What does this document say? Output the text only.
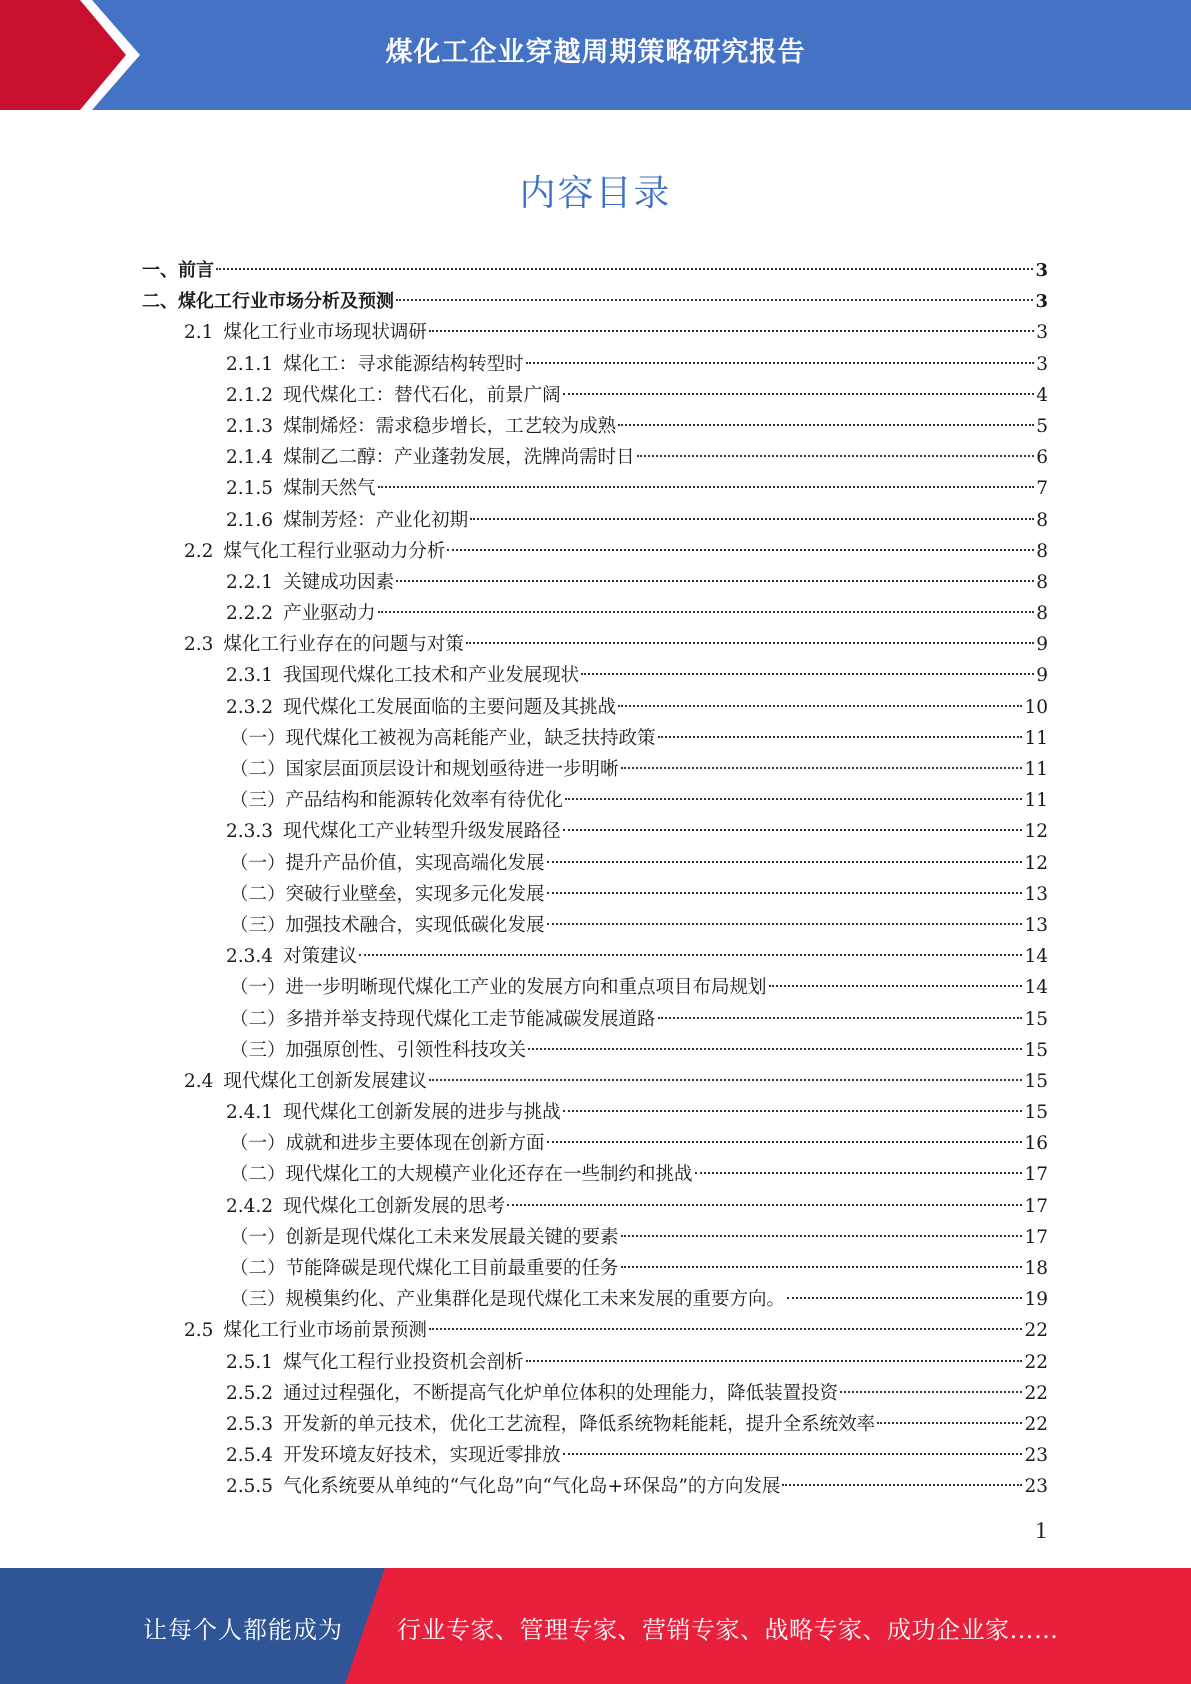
煤化工企业穿越周期策略研究报告
内容目录
一、前言	3
二、煤化工行业市场分析及预测	3
2.1 煤化工行业市场现状调研	3
2.1.1 煤化工：寻求能源结构转型时	3
2.1.2 现代煤化工：替代石化，前景广阔	4
2.1.3 煤制烯烃：需求稳步增长，工艺较为成熟	5
2.1.4 煤制乙二醇：产业蓬勃发展，洗牌尚需时日	6
2.1.5 煤制天然气	7
2.1.6 煤制芳烃：产业化初期	8
2.2 煤气化工程行业驱动力分析	8
2.2.1 关键成功因素	8
2.2.2 产业驱动力	8
2.3 煤化工行业存在的问题与对策	9
2.3.1 我国现代煤化工技术和产业发展现状	9
2.3.2 现代煤化工发展面临的主要问题及其挑战	10
（一）现代煤化工被视为高耗能产业，缺乏扶持政策	11
（二）国家层面顶层设计和规划亟待进一步明晰	11
（三）产品结构和能源转化效率有待优化	11
2.3.3 现代煤化工产业转型升级发展路径	12
（一）提升产品价值，实现高端化发展	12
（二）突破行业壁垒，实现多元化发展	13
（三）加强技术融合，实现低碳化发展	13
2.3.4 对策建议	14
（一）进一步明晰现代煤化工产业的发展方向和重点项目布局规划	14
（二）多措并举支持现代煤化工走节能减碳发展道路	15
（三）加强原创性、引领性科技攻关	15
2.4 现代煤化工创新发展建议	15
2.4.1 现代煤化工创新发展的进步与挑战	15
（一）成就和进步主要体现在创新方面	16
（二）现代煤化工的大规模产业化还存在一些制约和挑战	17
2.4.2 现代煤化工创新发展的思考	17
（一）创新是现代煤化工未来发展最关键的要素	17
（二）节能降碳是现代煤化工目前最重要的任务	18
（三）规模集约化、产业集群化是现代煤化工未来发展的重要方向。	19
2.5 煤化工行业市场前景预测	22
2.5.1 煤气化工程行业投资机会剖析	22
2.5.2 通过过程强化，不断提高气化炉单位体积的处理能力，降低装置投资	22
2.5.3 开发新的单元技术，优化工艺流程，降低系统物耗能耗，提升全系统效率	22
2.5.4 开发环境友好技术，实现近零排放	23
2.5.5 气化系统要从单纯的“气化岛”向“气化岛+环保岛”的方向发展	23
1
让每个人都能成为 行业专家、管理专家、营销专家、战略专家、成功企业家……
